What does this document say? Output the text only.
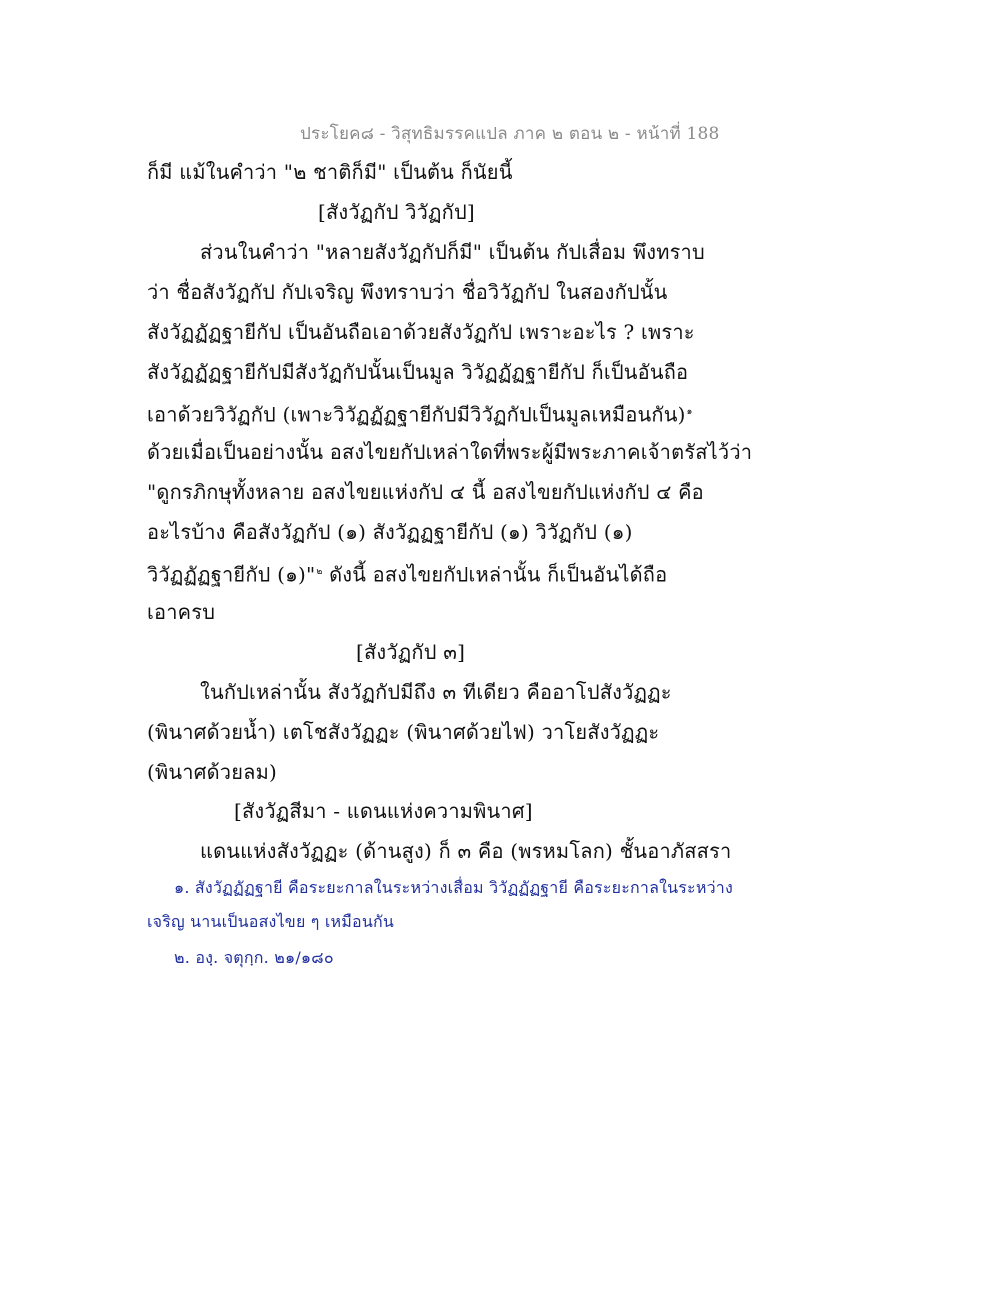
ประโยค๘ - วิสุทธิมรรคแปล ภาค ๒ ตอน ๒ - หน้าที่ 188
ก็มี แม้ในคำว่า "๒ ชาติก็มี" เป็นต้น ก็นัยนี้
[สังวัฏกัป วิวัฏกัป]
ส่วนในคำว่า "หลายสังวัฏกัปก็มี" เป็นต้น กัปเสื่อม พึงทราบ
ว่า ชื่อสังวัฏกัป กัปเจริญ พึงทราบว่า ชื่อวิวัฏกัป ในสองกัปนั้น
สังวัฏฏัฏฐายีกัป เป็นอันถือเอาด้วยสังวัฏกัป เพราะอะไร ? เพราะ
สังวัฏฏัฏฐายีกัปมีสังวัฏกัปนั้นเป็นมูล วิวัฏฏัฏฐายีกัป ก็เป็นอันถือ
เอาด้วยวิวัฏกัป (เพาะวิวัฏฏัฏฐายีกัปมีวิวัฏกัปเป็นมูลเหมือนกัน)$^๑$
ด้วยเมื่อเป็นอย่างนั้น อสงไขยกัปเหล่าใดที่พระผู้มีพระภาคเจ้าตรัสไว้ว่า
"ดูกรภิกษุทั้งหลาย อสงไขยแห่งกัป ๔ นี้ อสงไขยกัปแห่งกัป ๔ คือ
อะไรบ้าง คือสังวัฏกัป (๑) สังวัฏฏฐายีกัป (๑) วิวัฏกัป (๑)
วิวัฏฏัฏฐายีกัป (๑)"$^๒$ ดังนี้ อสงไขยกัปเหล่านั้น ก็เป็นอันได้ถือ
เอาครบ
[สังวัฏกัป ๓]
ในกัปเหล่านั้น สังวัฏกัปมีถึง ๓ ทีเดียว คืออาโปสังวัฏฏะ
(พินาศด้วยน้ำ) เตโชสังวัฏฏะ (พินาศด้วยไฟ) วาโยสังวัฏฏะ
(พินาศด้วยลม)
[สังวัฏสีมา - แดนแห่งความพินาศ]
แดนแห่งสังวัฏฏะ (ด้านสูง) ก็ ๓ คือ (พรหมโลก) ชั้นอาภัสสรา
๑. สังวัฏฏัฏฐายี คือระยะกาลในระหว่างเสื่อม วิวัฏฏัฏฐายี คือระยะกาลในระหว่าง
เจริญ นานเป็นอสงไขย ๆ เหมือนกัน
๒. องฺ. จตุกฺก. ๒๑/๑๘๐
